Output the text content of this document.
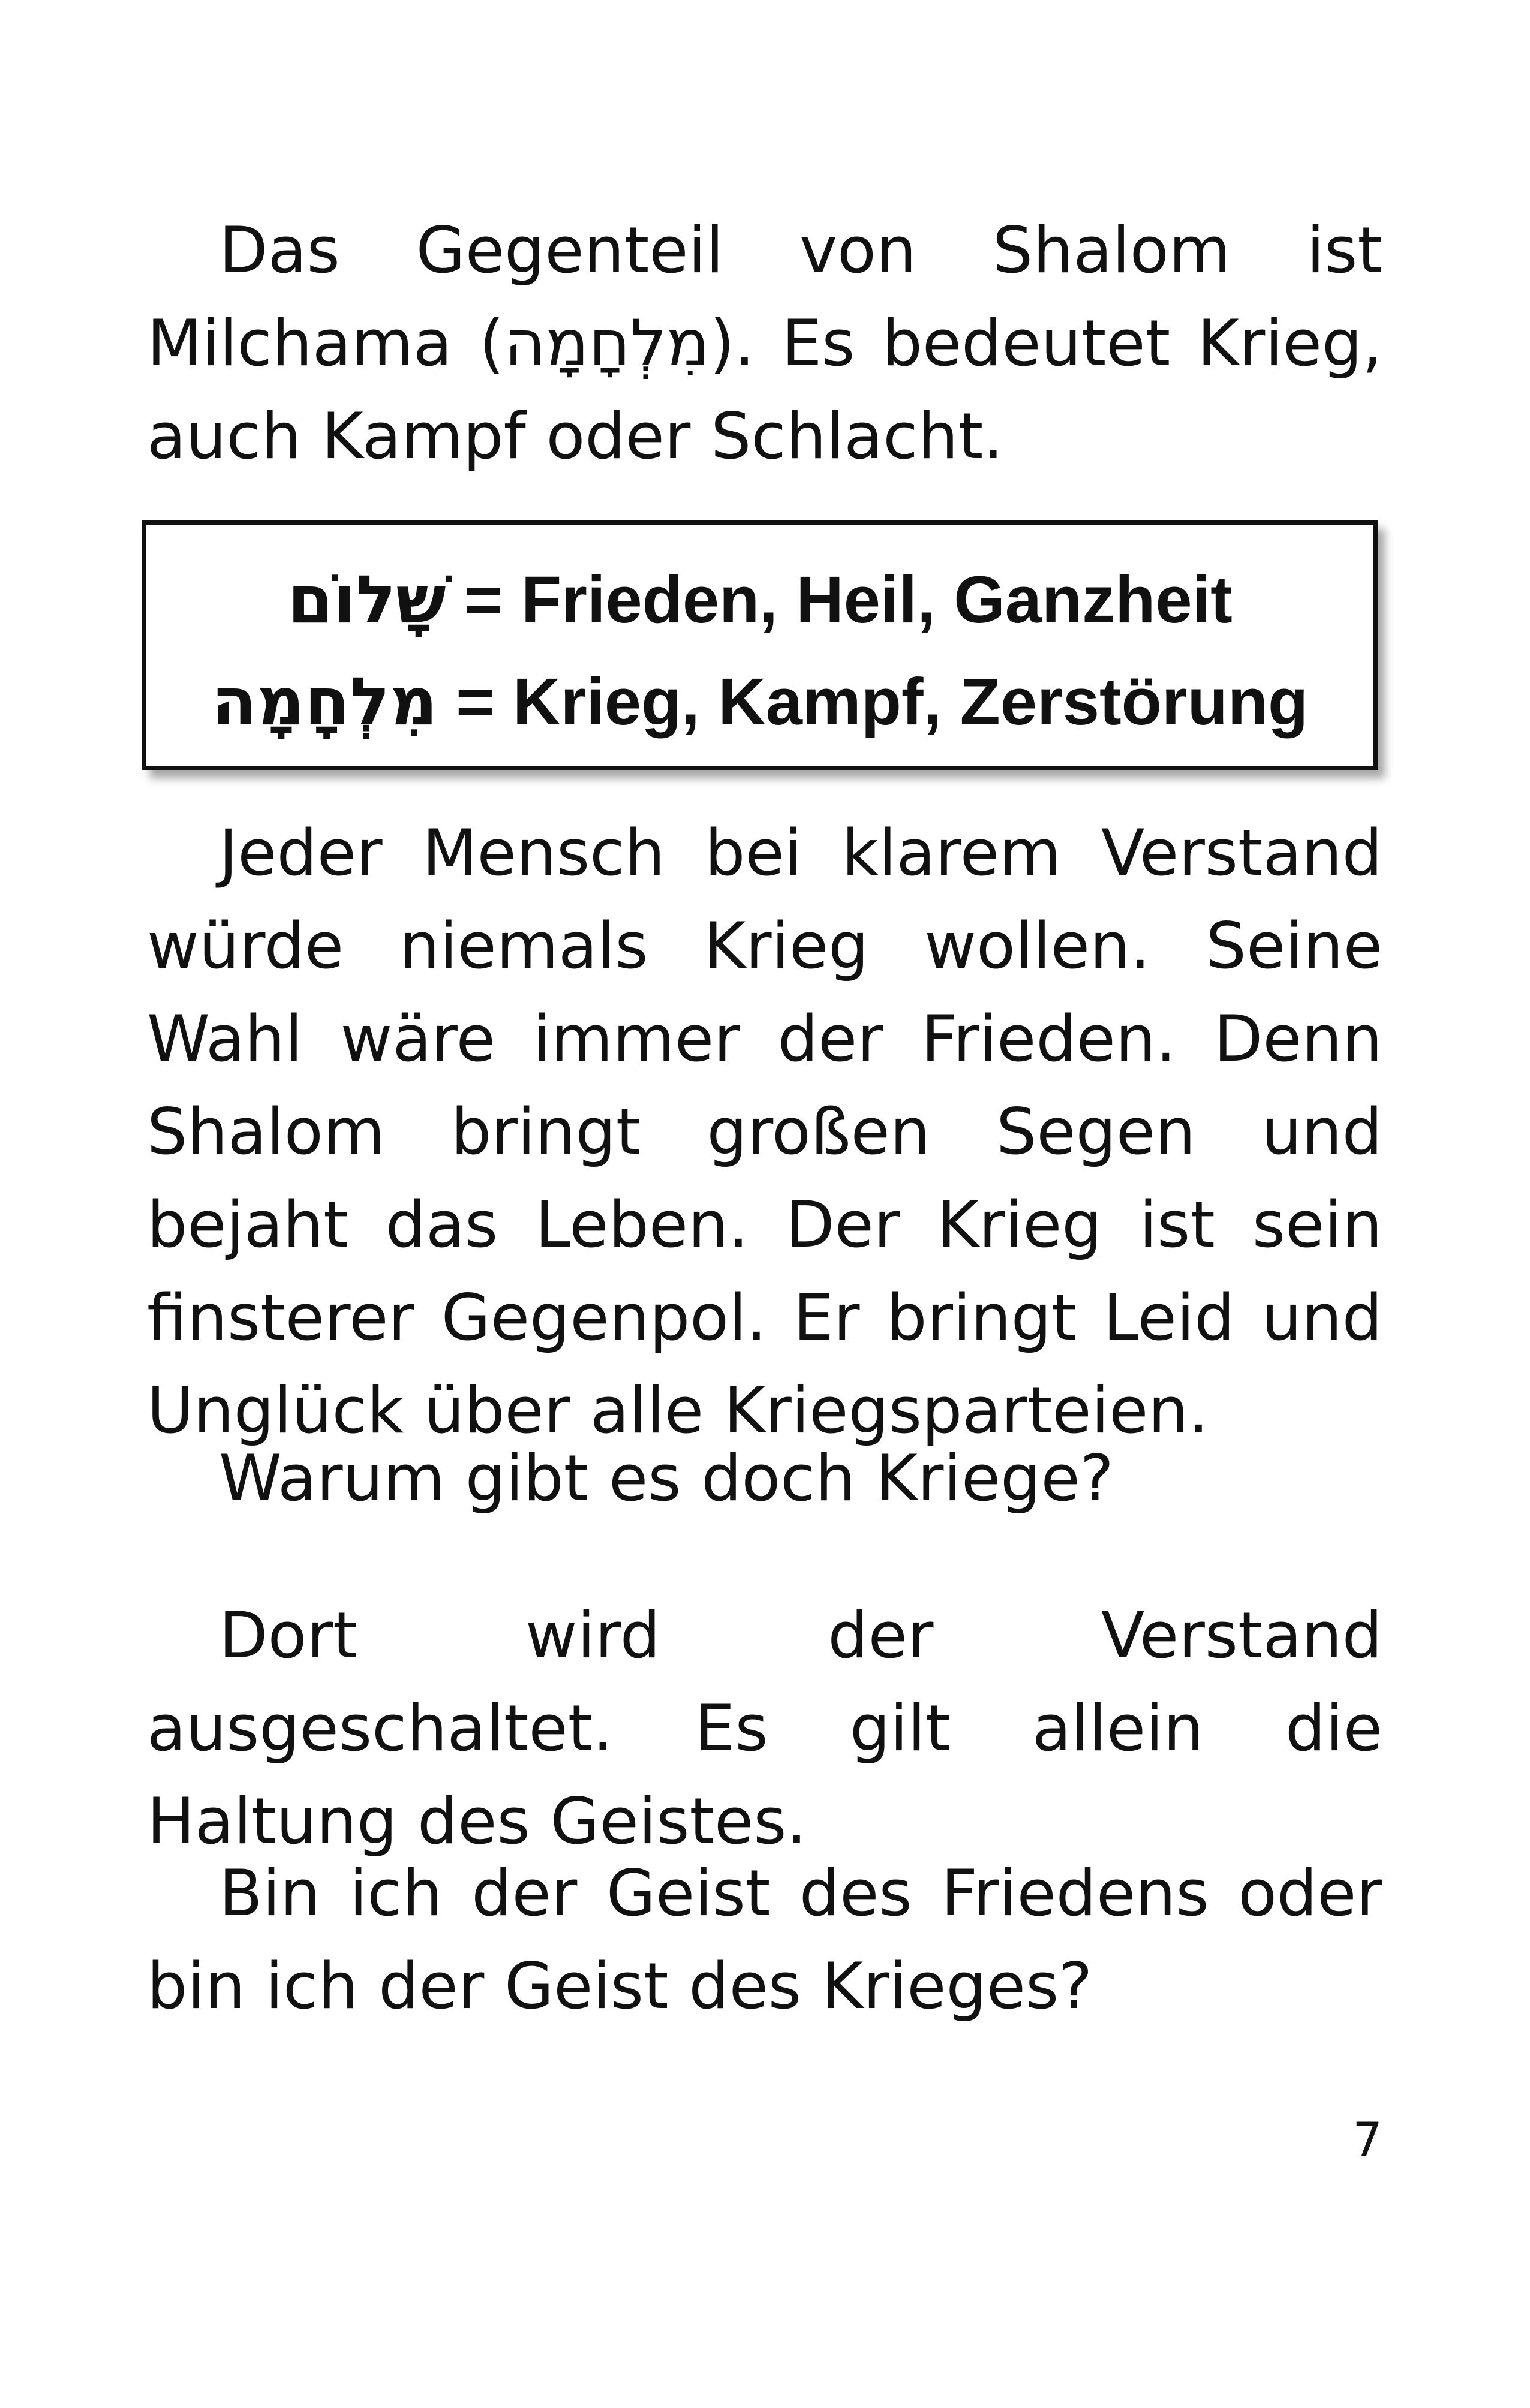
Das Gegenteil von Shalom ist Milchama (מִלְחָמָה). Es bedeutet Krieg, auch Kampf oder Schlacht.

Jeder Mensch bei klarem Verstand würde niemals Krieg wollen. Seine Wahl wäre immer der Frieden. Denn Shalom bringt großen Segen und bejaht das Leben. Der Krieg ist sein finsterer Gegenpol. Er bringt Leid und Unglück über alle Kriegsparteien.

Warum gibt es doch Kriege?

Dort wird der Verstand ausgeschaltet. Es gilt allein die Haltung des Geistes.

Bin ich der Geist des Friedens oder bin ich der Geist des Krieges?

שָׁלוֹם = Frieden, Heil, Ganzheit
מִלְחָמָה = Krieg, Kampf, Zerstörung
7
